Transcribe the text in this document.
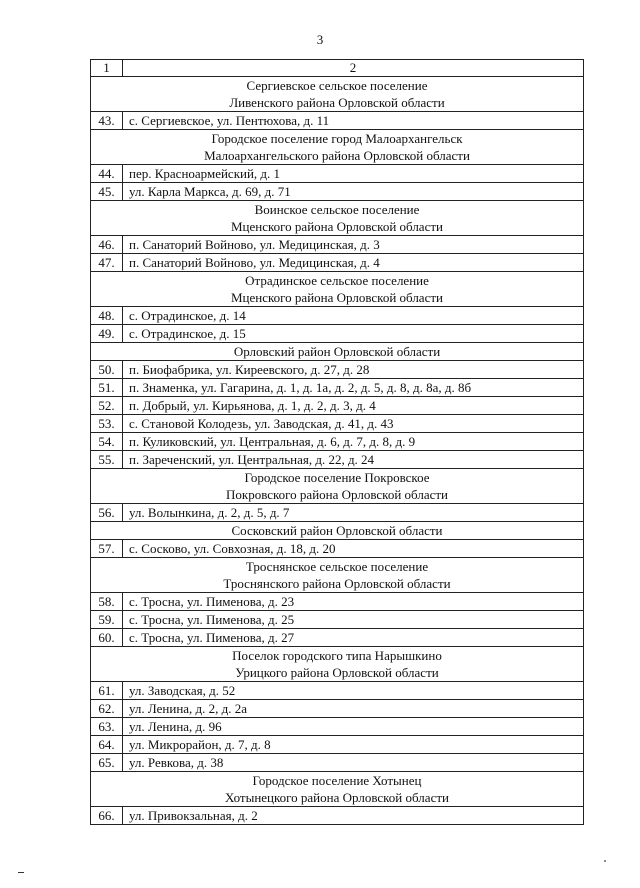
3
1	2

Сергиевское сельское поселение
Ливенского района Орловской области	

43.	с. Сергиевское, ул. Пентюхова, д. 11

Городское поселение город Малоархангельск
Малоархангельского района Орловской области	

44.	пер. Красноармейский, д. 1
45.	ул. Карла Маркса, д. 69, д. 71

Воинское сельское поселение
Мценского района Орловской области	

46.	п. Санаторий Войново, ул. Медицинская, д. 3
47.	п. Санаторий Войново, ул. Медицинская, д. 4

Отрадинское сельское поселение
Мценского района Орловской области	

48.	с. Отрадинское, д. 14
49.	с. Отрадинское, д. 15

Орловский район Орловской области	

50.	п. Биофабрика, ул. Киреевского, д. 27, д. 28
51.	п. Знаменка, ул. Гагарина, д. 1, д. 1а, д. 2, д. 5, д. 8, д. 8а, д. 8б
52.	п. Добрый, ул. Кирьянова, д. 1, д. 2, д. 3, д. 4
53.	с. Становой Колодезь, ул. Заводская, д. 41, д. 43
54.	п. Куликовский, ул. Центральная, д. 6, д. 7, д. 8, д. 9
55.	п. Зареченский, ул. Центральная, д. 22, д. 24

Городское поселение Покровское
Покровского района Орловской области	

56.	ул. Волынкина, д. 2, д. 5, д. 7

Сосковский район Орловской области	

57.	с. Сосково, ул. Совхозная, д. 18, д. 20

Троснянское сельское поселение
Троснянского района Орловской области	

58.	с. Тросна, ул. Пименова, д. 23
59.	с. Тросна, ул. Пименова, д. 25
60.	с. Тросна, ул. Пименова, д. 27

Поселок городского типа Нарышкино
Урицкого района Орловской области	

61.	ул. Заводская, д. 52
62.	ул. Ленина, д. 2, д. 2а
63.	ул. Ленина, д. 96
64.	ул. Микрорайон, д. 7, д. 8
65.	ул. Ревкова, д. 38

Городское поселение Хотынец
Хотынецкого района Орловской области	

66.	ул. Привокзальная, д. 2
